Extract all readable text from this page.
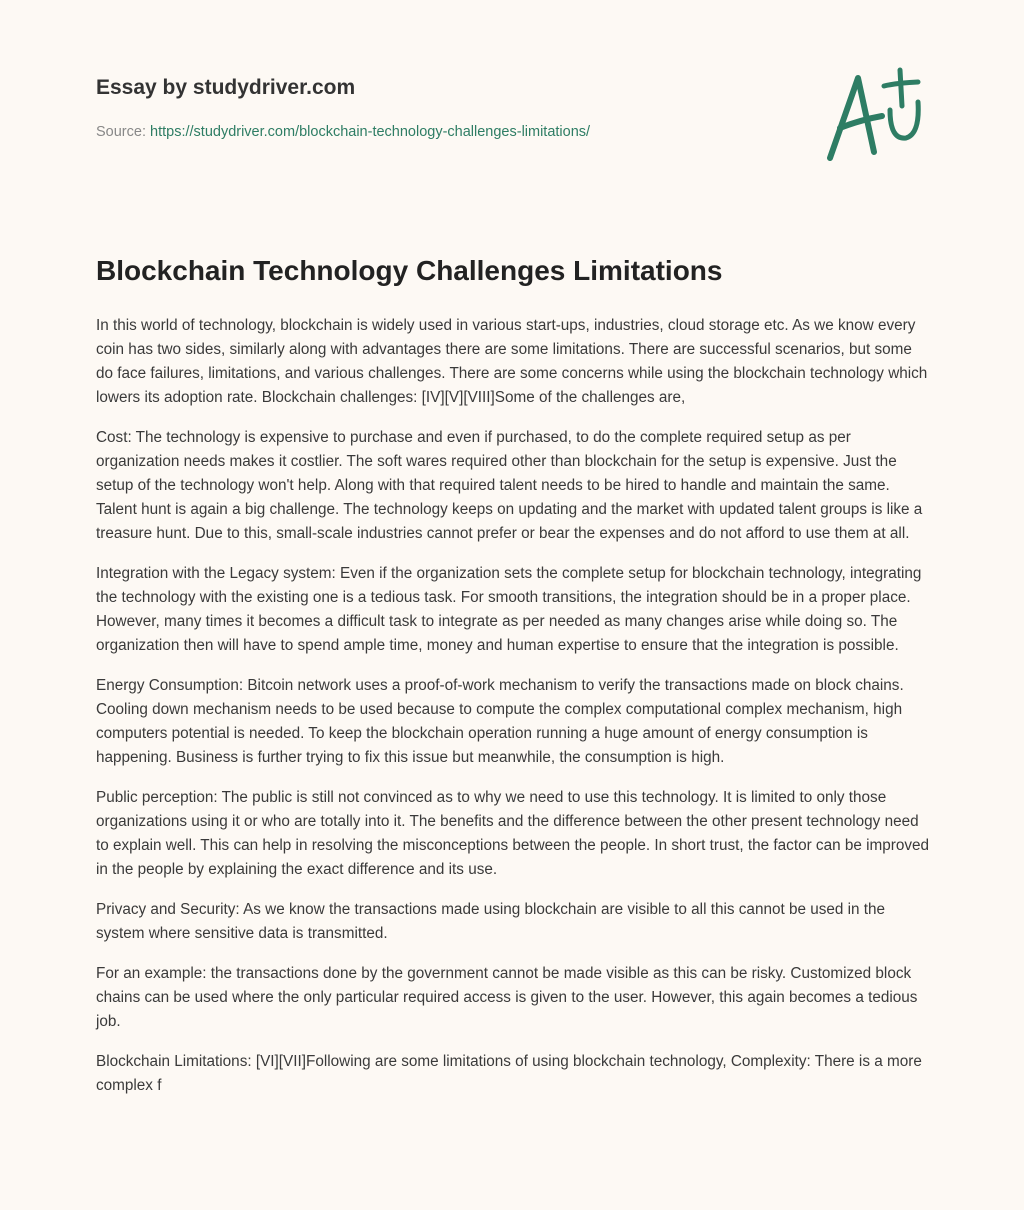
Essay by studydriver.com
Source: https://studydriver.com/blockchain-technology-challenges-limitations/
Blockchain Technology Challenges Limitations

In this world of technology, blockchain is widely used in various start-ups, industries, cloud storage etc. As we know every coin has two sides, similarly along with advantages there are some limitations. There are successful scenarios, but some do face failures, limitations, and various challenges. There are some concerns while using the blockchain technology which lowers its adoption rate. Blockchain challenges: [IV][V][VIII]Some of the challenges are,

Cost: The technology is expensive to purchase and even if purchased, to do the complete required setup as per organization needs makes it costlier. The soft wares required other than blockchain for the setup is expensive. Just the setup of the technology won't help. Along with that required talent needs to be hired to handle and maintain the same. Talent hunt is again a big challenge. The technology keeps on updating and the market with updated talent groups is like a treasure hunt. Due to this, small-scale industries cannot prefer or bear the expenses and do not afford to use them at all.

Integration with the Legacy system: Even if the organization sets the complete setup for blockchain technology, integrating the technology with the existing one is a tedious task. For smooth transitions, the integration should be in a proper place. However, many times it becomes a difficult task to integrate as per needed as many changes arise while doing so. The organization then will have to spend ample time, money and human expertise to ensure that the integration is possible.

Energy Consumption: Bitcoin network uses a proof-of-work mechanism to verify the transactions made on block chains. Cooling down mechanism needs to be used because to compute the complex computational complex mechanism, high computers potential is needed. To keep the blockchain operation running a huge amount of energy consumption is happening. Business is further trying to fix this issue but meanwhile, the consumption is high.

Public perception: The public is still not convinced as to why we need to use this technology. It is limited to only those organizations using it or who are totally into it. The benefits and the difference between the other present technology need to explain well. This can help in resolving the misconceptions between the people. In short trust, the factor can be improved in the people by explaining the exact difference and its use.

Privacy and Security: As we know the transactions made using blockchain are visible to all this cannot be used in the system where sensitive data is transmitted.

For an example: the transactions done by the government cannot be made visible as this can be risky. Customized block chains can be used where the only particular required access is given to the user. However, this again becomes a tedious job.

Blockchain Limitations: [VI][VII]Following are some limitations of using blockchain technology, Complexity: There is a more complex f
